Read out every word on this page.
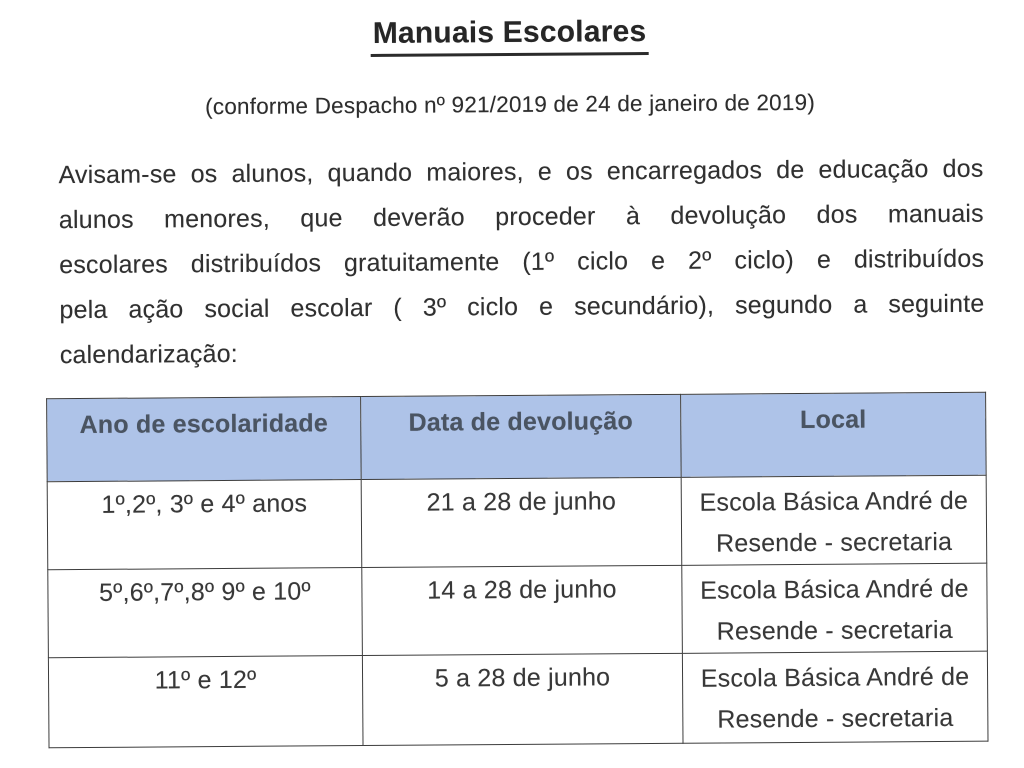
Manuais Escolares
(conforme Despacho nº 921/2019 de 24 de janeiro de 2019)
Avisam-se os alunos, quando maiores, e os encarregados de educação dos
alunos menores, que deverão proceder à devolução dos manuais
escolares distribuídos gratuitamente (1º ciclo e 2º ciclo) e distribuídos
pela ação social escolar ( 3º ciclo e secundário), segundo a seguinte
calendarização:
Ano de escolaridade	Data de devolução	Local
1º,2º, 3º e 4º anos	21 a 28 de junho	Escola Básica André de Resende - secretaria
5º,6º,7º,8º 9º e 10º	14 a 28 de junho	Escola Básica André de Resende - secretaria
11º e 12º	5 a 28 de junho	Escola Básica André de Resende - secretaria
